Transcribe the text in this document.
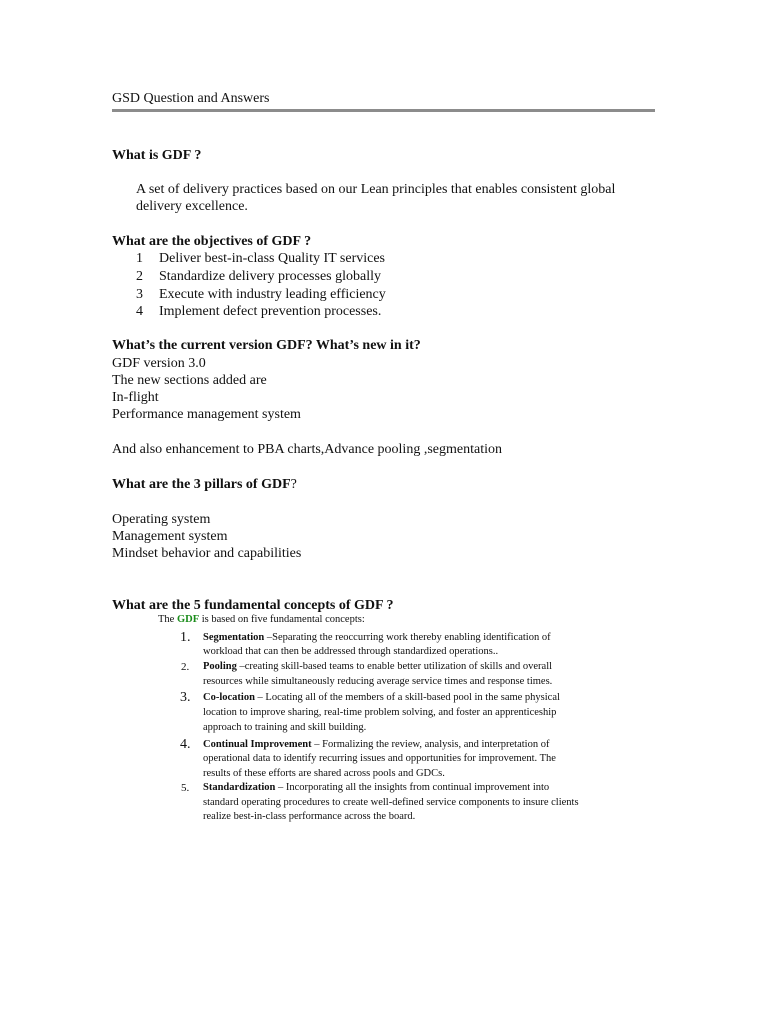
GSD Question and Answers
What is GDF ?
A set of delivery practices based on our Lean principles that enables consistent global
delivery excellence.
What are the objectives of GDF ?
1 Deliver best-in-class Quality IT services
2 Standardize delivery processes globally
3 Execute with industry leading efficiency
4 Implement defect prevention processes.
What’s the current version GDF? What’s new in it?
GDF version 3.0
The new sections added are
In-flight
Performance management system
And also enhancement to PBA charts,Advance pooling ,segmentation
What are the 3 pillars of GDF?
Operating system
Management system
Mindset behavior and capabilities
What are the 5 fundamental concepts of GDF ?
The GDF is based on five fundamental concepts:
1. Segmentation –Separating the reoccurring work thereby enabling identification of
workload that can then be addressed through standardized operations..
2. Pooling –creating skill-based teams to enable better utilization of skills and overall
resources while simultaneously reducing average service times and response times.
3. Co-location – Locating all of the members of a skill-based pool in the same physical
location to improve sharing, real-time problem solving, and foster an apprenticeship
approach to training and skill building.
4. Continual Improvement – Formalizing the review, analysis, and interpretation of
operational data to identify recurring issues and opportunities for improvement. The
results of these efforts are shared across pools and GDCs.
5. Standardization – Incorporating all the insights from continual improvement into
standard operating procedures to create well-defined service components to insure clients
realize best-in-class performance across the board.
